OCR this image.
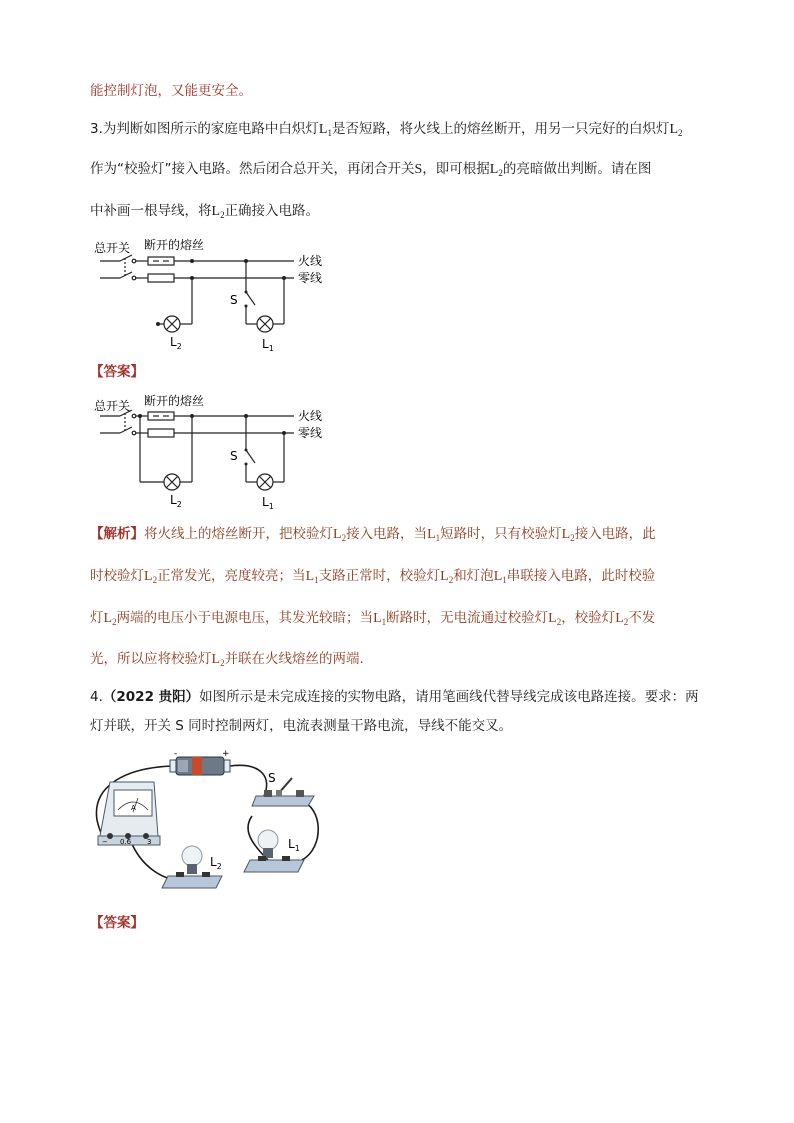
能控制灯泡，又能更安全。
3.为判断如图所示的家庭电路中白炽灯$L_1$是否短路，将火线上的熔丝断开，用另一只完好的白炽灯$L_2$
作为“校验灯”接入电路。然后闭合总开关，再闭合开关S，即可根据$L_2$的亮暗做出判断。请在图
中补画一根导线，将$L_2$正确接入电路。
总开关 断开的熔丝
火线
零线
S
$L_2$	$L_1$
【答案】
总开关 断开的熔丝
火线
零线
S
$L_2$	$L_1$
【解析】将火线上的熔丝断开，把校验灯$L_2$接入电路，当$L_1$短路时，只有校验灯$L_2$接入电路，此
时校验灯$L_2$正常发光，亮度较亮；当$L_1$支路正常时，校验灯$L_2$和灯泡$L_1$串联接入电路，此时校验
灯$L_2$两端的电压小于电源电压，其发光较暗；当$L_1$断路时，无电流通过校验灯$L_2$，校验灯$L_2$不发
光，所以应将校验灯$L_2$并联在火线熔丝的两端.
4.（2022 贵阳）如图所示是未完成连接的实物电路，请用笔画线代替导线完成该电路连接。要求：两
灯并联，开关 S 同时控制两灯，电流表测量干路电流，导线不能交叉。
-	+
A
− 0.6 3
S
$L_1$
$L_2$
【答案】
